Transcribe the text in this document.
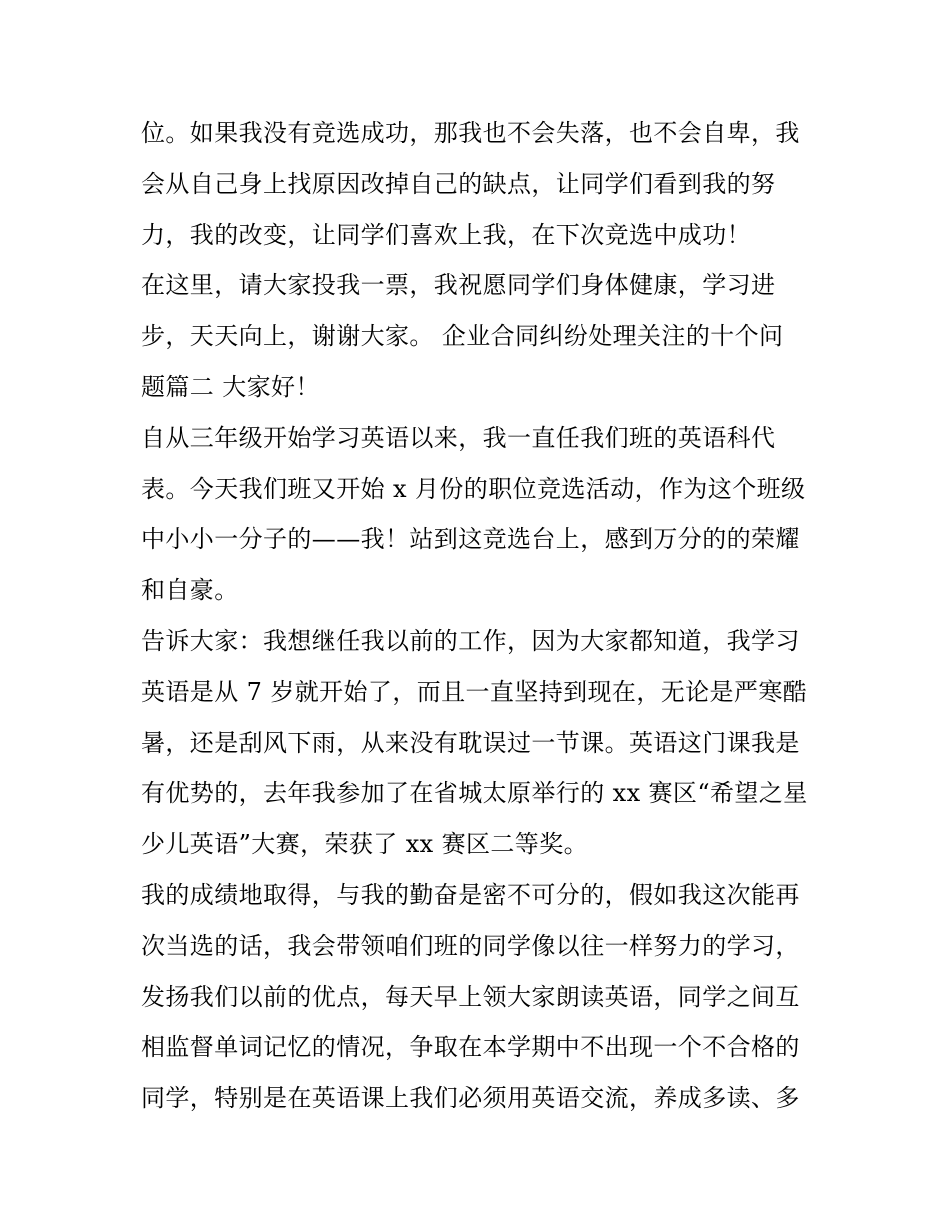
位。如果我没有竞选成功，那我也不会失落，也不会自卑，我
会从自己身上找原因改掉自己的缺点，让同学们看到我的努
力，我的改变，让同学们喜欢上我，在下次竞选中成功！
在这里，请大家投我一票，我祝愿同学们身体健康，学习进
步，天天向上，谢谢大家。 企业合同纠纷处理关注的十个问
题篇二 大家好！
自从三年级开始学习英语以来，我一直任我们班的英语科代
表。今天我们班又开始 x 月份的职位竞选活动，作为这个班级
中小小一分子的——我！站到这竞选台上，感到万分的的荣耀
和自豪。
告诉大家：我想继任我以前的工作，因为大家都知道，我学习
英语是从 7 岁就开始了，而且一直坚持到现在，无论是严寒酷
暑，还是刮风下雨，从来没有耽误过一节课。英语这门课我是
有优势的，去年我参加了在省城太原举行的 xx 赛区“希望之星
少儿英语”大赛，荣获了 xx 赛区二等奖。
我的成绩地取得，与我的勤奋是密不可分的，假如我这次能再
次当选的话，我会带领咱们班的同学像以往一样努力的学习，
发扬我们以前的优点，每天早上领大家朗读英语，同学之间互
相监督单词记忆的情况，争取在本学期中不出现一个不合格的
同学，特别是在英语课上我们必须用英语交流，养成多读、多
